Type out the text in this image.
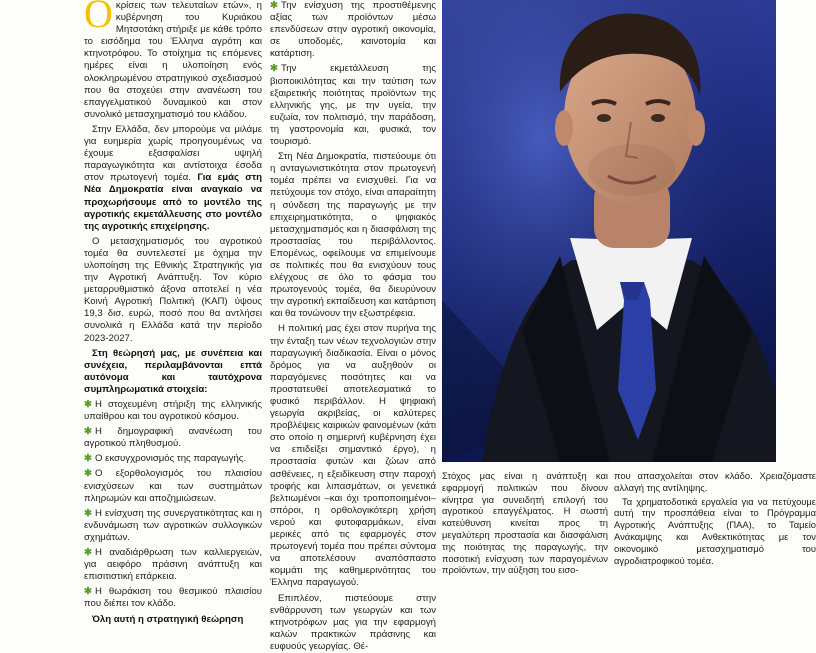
Οκρίσεις των τελευταίων ετών», η κυβέρνηση του Κυριάκου Μητσοτάκη στήριξε με κάθε τρόπο το εισόδημα του Έλληνα αγρότη και κτηνοτρόφου. Το στοίχημα τις επόμενες ημέρες είναι η υλοποίηση ενός ολοκληρωμένου στρατηγικού σχεδιασμού που θα στοχεύει στην ανανέωση του επαγγελματικού δυναμικού και στον συνολικό μετασχηματισμό του κλάδου.

Στην Ελλάδα, δεν μπορούμε να μιλάμε για ευημερία χωρίς προηγουμένως να έχουμε εξασφαλίσει υψηλή παραγωγικότητα και αντίστοιχα έσοδα στον πρωτογενή τομέα. Για εμάς στη Νέα Δημοκρατία είναι αναγκαίο να προχωρήσουμε από το μοντέλο της αγροτικής εκμετάλλευσης στο μοντέλο της αγροτικής επιχείρησης.

Ο μετασχηματισμός του αγροτικού τομέα θα συντελεστεί με όχημα την υλοποίηση της Εθνικής Στρατηγικής για την Αγροτική Ανάπτυξη. Τον κύριο μεταρρυθμιστικό άξονα αποτελεί η νέα Κοινή Αγροτική Πολιτική (ΚΑΠ) ύψους 19,3 δισ. ευρώ, ποσό που θα αντλήσει συνολικά η Ελλάδα κατά την περίοδο 2023-2027.

Στη θεώρησή μας, με συνέπεια και συνέχεια, περιλαμβάνονται επτά αυτόνομα και ταυτόχρονα συμπληρωματικά στοιχεία:

✱ Η στοχευμένη στήριξη της ελληνικής υπαίθρου και του αγροτικού κόσμου.

✱ Η δημογραφική ανανέωση του αγροτικού πληθυσμού.

✱ Ο εκσυγχρονισμός της παραγωγής.

✱ Ο εξορθολογισμός του πλαισίου ενισχύσεων και των συστημάτων πληρωμών και αποζημιώσεων.

✱ Η ενίσχυση της συνεργατικότητας και η ενδυνάμωση των αγροτικών συλλογικών σχημάτων.

✱ Η αναδιάρθρωση των καλλιεργειών, για αειφόρο πράσινη ανάπτυξη και επισιτιστική επάρκεια.

✱ Η θωράκιση του θεσμικού πλαισίου που διέπει τον κλάδο.

Όλη αυτή η στρατηγική θεώρηση

✱ Την ενίσχυση της προστιθέμενης αξίας των προϊόντων μέσω επενδύσεων στην αγροτική οικονομία, σε υποδομές, καινοτομία και κατάρτιση.

✱ Την εκμετάλλευση της βιοποικιλότητας και την ταύτιση των εξαιρετικής ποιότητας προϊόντων της ελληνικής γης, με την υγεία, την ευζωία, τον πολιτισμό, την παράδοση, τη γαστρονομία και, φυσικά, τον τουρισμό.

Στη Νέα Δημοκρατία, πιστεύουμε ότι η ανταγωνιστικότητα στον πρωτογενή τομέα πρέπει να ενισχυθεί. Για να πετύχουμε τον στόχο, είναι απαραίτητη η σύνδεση της παραγωγής με την επιχειρηματικότητα, ο ψηφιακός μετασχηματισμός και η διασφάλιση της προστασίας του περιβάλλοντος. Επομένως, οφείλουμε να επιμείνουμε σε πολιτικές που θα ενισχύουν τους ελέγχους σε όλο το φάσμα του πρωτογενούς τομέα, θα διευρύνουν την αγροτική εκπαίδευση και κατάρτιση και θα τονώνουν την εξωστρέφεια.

Η πολιτική μας έχει στον πυρήνα της την ένταξη των νέων τεχνολογιών στην παραγωγική διαδικασία. Είναι ο μόνος δρόμος για να αυξηθούν οι παραγόμενες ποσότητες και να προστατευθεί αποτελεσματικά το φυσικό περιβάλλον. Η ψηφιακή γεωργία ακριβείας, οι καλύτερες προβλέψεις καιρικών φαινομένων (κάτι στο οποίο η σημερινή κυβέρνηση έχει να επιδείξει σημαντικό έργο), η προστασία φυτών και ζώων από ασθένειες, η εξειδίκευση στην παροχή τροφής και λιπασμάτων, οι γενετικά βελτιωμένοι –και όχι τροποποιημένοι– σπόροι, η ορθολογικότερη χρήση νερού και φυτοφαρμάκων, είναι μερικές από τις εφαρμογές στον πρωτογενή τομέα που πρέπει σύντομα να αποτελέσουν αναπόσπαστο κομμάτι της καθημερινότητας του Έλληνα παραγωγού.

Επιπλέον, πιστεύουμε στην ενθάρρυνση των γεωργών και των κτηνοτρόφων μας για την εφαρμογή καλών πρακτικών πράσινης και ευφυούς γεωργίας. Θέ-

Στόχος μας είναι η ανάπτυξη και εφαρμογή πολιτικών που δίνουν κίνητρα για συνειδητή επιλογή του αγροτικού επαγγέλματος. Η σωστή κατεύθυνση κινείται προς τη μεγαλύτερη προστασία και διασφάλιση της ποιότητας της παραγωγής, την ποσοτική ενίσχυση των παραγομένων προϊόντων, την αύξηση του εισο-

που απασχολείται στον κλάδο. Χρειαζόμαστε αλλαγή της αντίληψης.

Τα χρηματοδοτικά εργαλεία για να πετύχουμε αυτή την προσπάθεια είναι το Πρόγραμμα Αγροτικής Ανάπτυξης (ΠΑΑ), το Ταμείο Ανάκαμψης και Ανθεκτικότητας με τον οικονομικό μετασχηματισμό του αγροδιατροφικού τομέα.
